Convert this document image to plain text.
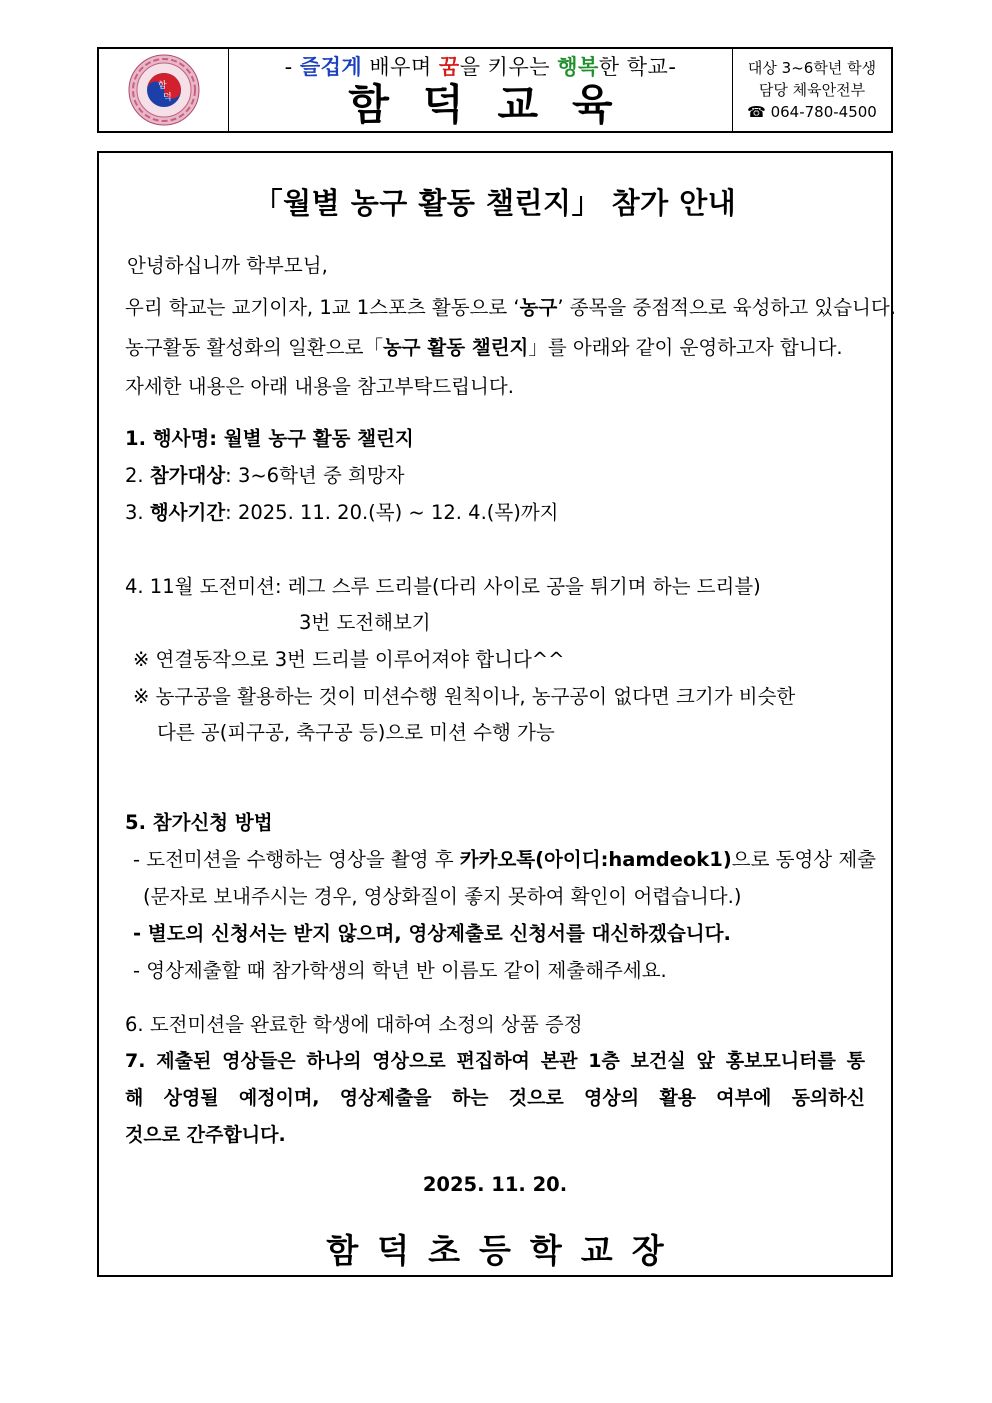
함
덕
- 즐겁게 배우며 꿈을 키우는 행복한 학교-
함덕교육
대상 3~6학년 학생
담당 체육안전부
☎ 064-780-4500
「월별 농구 활동 챌린지」 참가 안내
안녕하십니까 학부모님,
우리 학교는 교기이자, 1교 1스포츠 활동으로 ‘농구’ 종목을 중점적으로 육성하고 있습니다.
농구활동 활성화의 일환으로「농구 활동 챌린지」를 아래와 같이 운영하고자 합니다.
자세한 내용은 아래 내용을 참고부탁드립니다.
1. 행사명: 월별 농구 활동 챌린지
2. 참가대상: 3~6학년 중 희망자
3. 행사기간: 2025. 11. 20.(목) ~ 12. 4.(목)까지
4. 11월 도전미션: 레그 스루 드리블(다리 사이로 공을 튀기며 하는 드리블)
3번 도전해보기
※ 연결동작으로 3번 드리블 이루어져야 합니다^^
※ 농구공을 활용하는 것이 미션수행 원칙이나, 농구공이 없다면 크기가 비슷한
다른 공(피구공, 축구공 등)으로 미션 수행 가능
5. 참가신청 방법
- 도전미션을 수행하는 영상을 촬영 후 카카오톡(아이디:hamdeok1)으로 동영상 제출
(문자로 보내주시는 경우, 영상화질이 좋지 못하여 확인이 어렵습니다.)
- 별도의 신청서는 받지 않으며, 영상제출로 신청서를 대신하겠습니다.
- 영상제출할 때 참가학생의 학년 반 이름도 같이 제출해주세요.
6. 도전미션을 완료한 학생에 대하여 소정의 상품 증정
7. 제출된 영상들은 하나의 영상으로 편집하여 본관 1층 보건실 앞 홍보모니터를 통
해 상영될 예정이며, 영상제출을 하는 것으로 영상의 활용 여부에 동의하신
것으로 간주합니다.
2025. 11. 20.
함덕초등학교장
